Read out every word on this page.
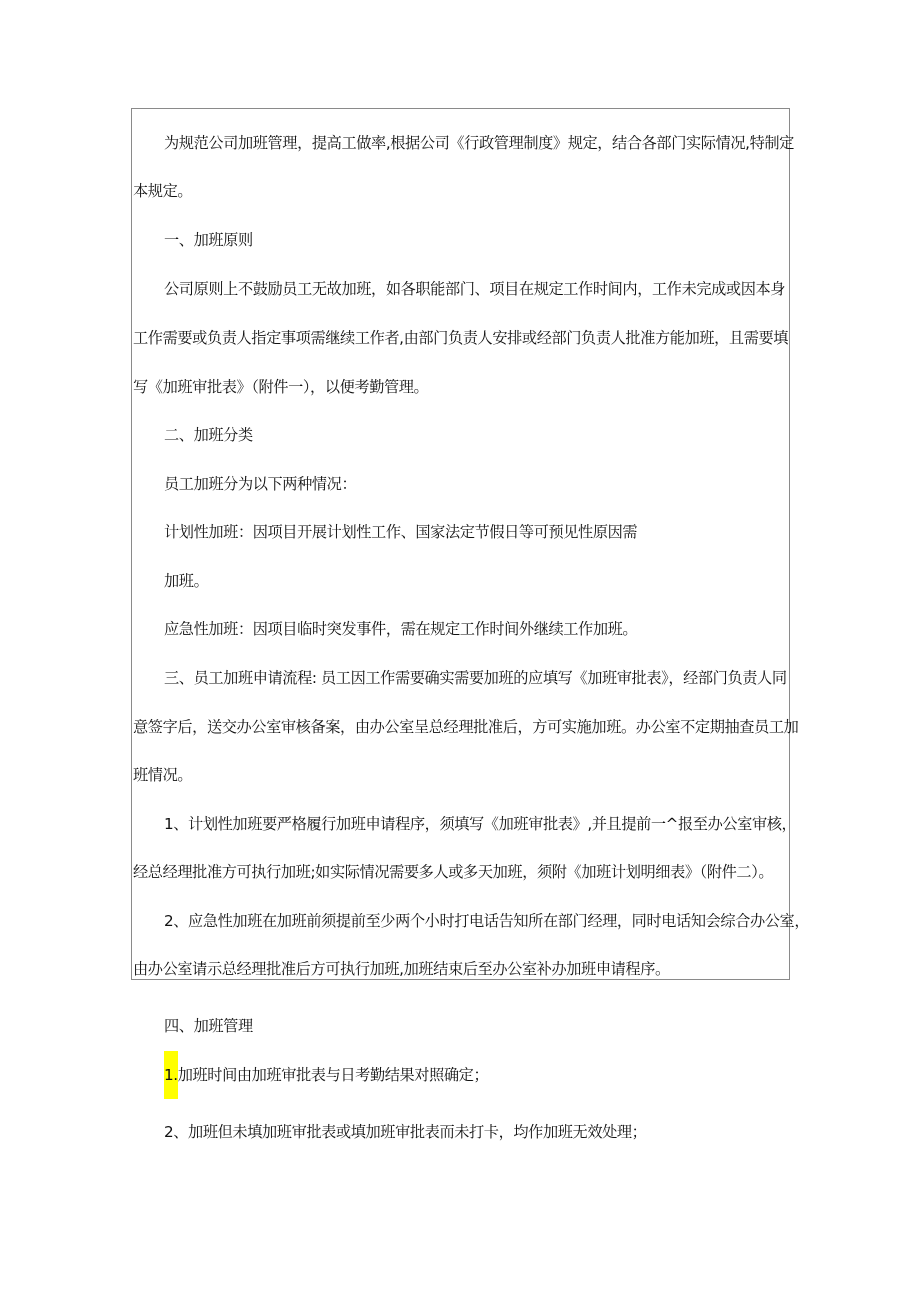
为规范公司加班管理，提高工做率,根据公司《行政管理制度》规定，结合各部门实际情况,特制定
本规定。
一、加班原则
公司原则上不鼓励员工无故加班，如各职能部门、项目在规定工作时间内，工作未完成或因本身
工作需要或负责人指定事项需继续工作者,由部门负责人安排或经部门负责人批准方能加班，且需要填
写《加班审批表》（附件一），以便考勤管理。
二、加班分类
员工加班分为以下两种情况：
计划性加班：因项目开展计划性工作、国家法定节假日等可预见性原因需
加班。
应急性加班：因项目临时突发事件，需在规定工作时间外继续工作加班。
三、员工加班申请流程: 员工因工作需要确实需要加班的应填写《加班审批表》，经部门负责人同
意签字后，送交办公室审核备案，由办公室呈总经理批准后，方可实施加班。办公室不定期抽查员工加
班情况。
1、计划性加班要严格履行加班申请程序，须填写《加班审批表》,并且提前一^报至办公室审核，
经总经理批准方可执行加班;如实际情况需要多人或多天加班，须附《加班计划明细表》（附件二）。
2、应急性加班在加班前须提前至少两个小时打电话告知所在部门经理，同时电话知会综合办公室，
由办公室请示总经理批准后方可执行加班,加班结束后至办公室补办加班申请程序。
四、加班管理
1.加班时间由加班审批表与日考勤结果对照确定；
2、加班但未填加班审批表或填加班审批表而未打卡，均作加班无效处理；
